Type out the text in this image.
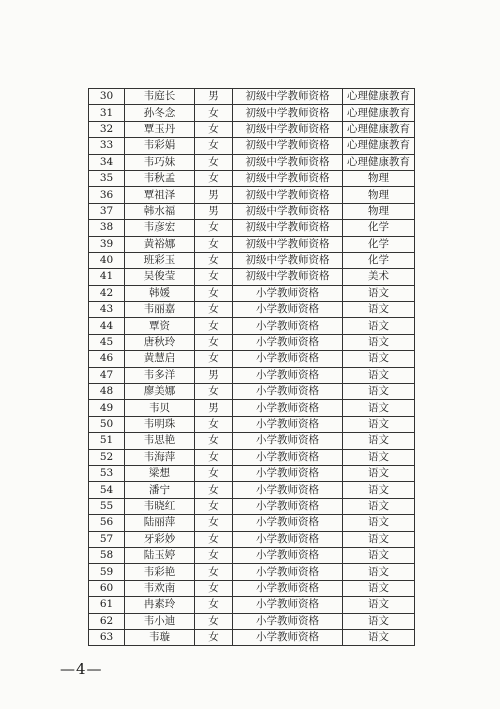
30	韦庭长	男	初级中学教师资格	心理健康教育
31	孙冬念	女	初级中学教师资格	心理健康教育
32	覃玉丹	女	初级中学教师资格	心理健康教育
33	韦彩娟	女	初级中学教师资格	心理健康教育
34	韦巧妹	女	初级中学教师资格	心理健康教育
35	韦秋孟	女	初级中学教师资格	物理
36	覃祖泽	男	初级中学教师资格	物理
37	韩水福	男	初级中学教师资格	物理
38	韦彦宏	女	初级中学教师资格	化学
39	黄裕娜	女	初级中学教师资格	化学
40	班彩玉	女	初级中学教师资格	化学
41	吴俊莹	女	初级中学教师资格	美术
42	韩媛	女	小学教师资格	语文
43	韦丽嘉	女	小学教师资格	语文
44	覃资	女	小学教师资格	语文
45	唐秋玲	女	小学教师资格	语文
46	黄慧启	女	小学教师资格	语文
47	韦多洋	男	小学教师资格	语文
48	廖美娜	女	小学教师资格	语文
49	韦贝	男	小学教师资格	语文
50	韦明珠	女	小学教师资格	语文
51	韦思艳	女	小学教师资格	语文
52	韦海萍	女	小学教师资格	语文
53	梁想	女	小学教师资格	语文
54	潘宁	女	小学教师资格	语文
55	韦晓红	女	小学教师资格	语文
56	陆丽萍	女	小学教师资格	语文
57	牙彩妙	女	小学教师资格	语文
58	陆玉婷	女	小学教师资格	语文
59	韦彩艳	女	小学教师资格	语文
60	韦欢南	女	小学教师资格	语文
61	冉素玲	女	小学教师资格	语文
62	韦小迪	女	小学教师资格	语文
63	韦璇	女	小学教师资格	语文
—4—
